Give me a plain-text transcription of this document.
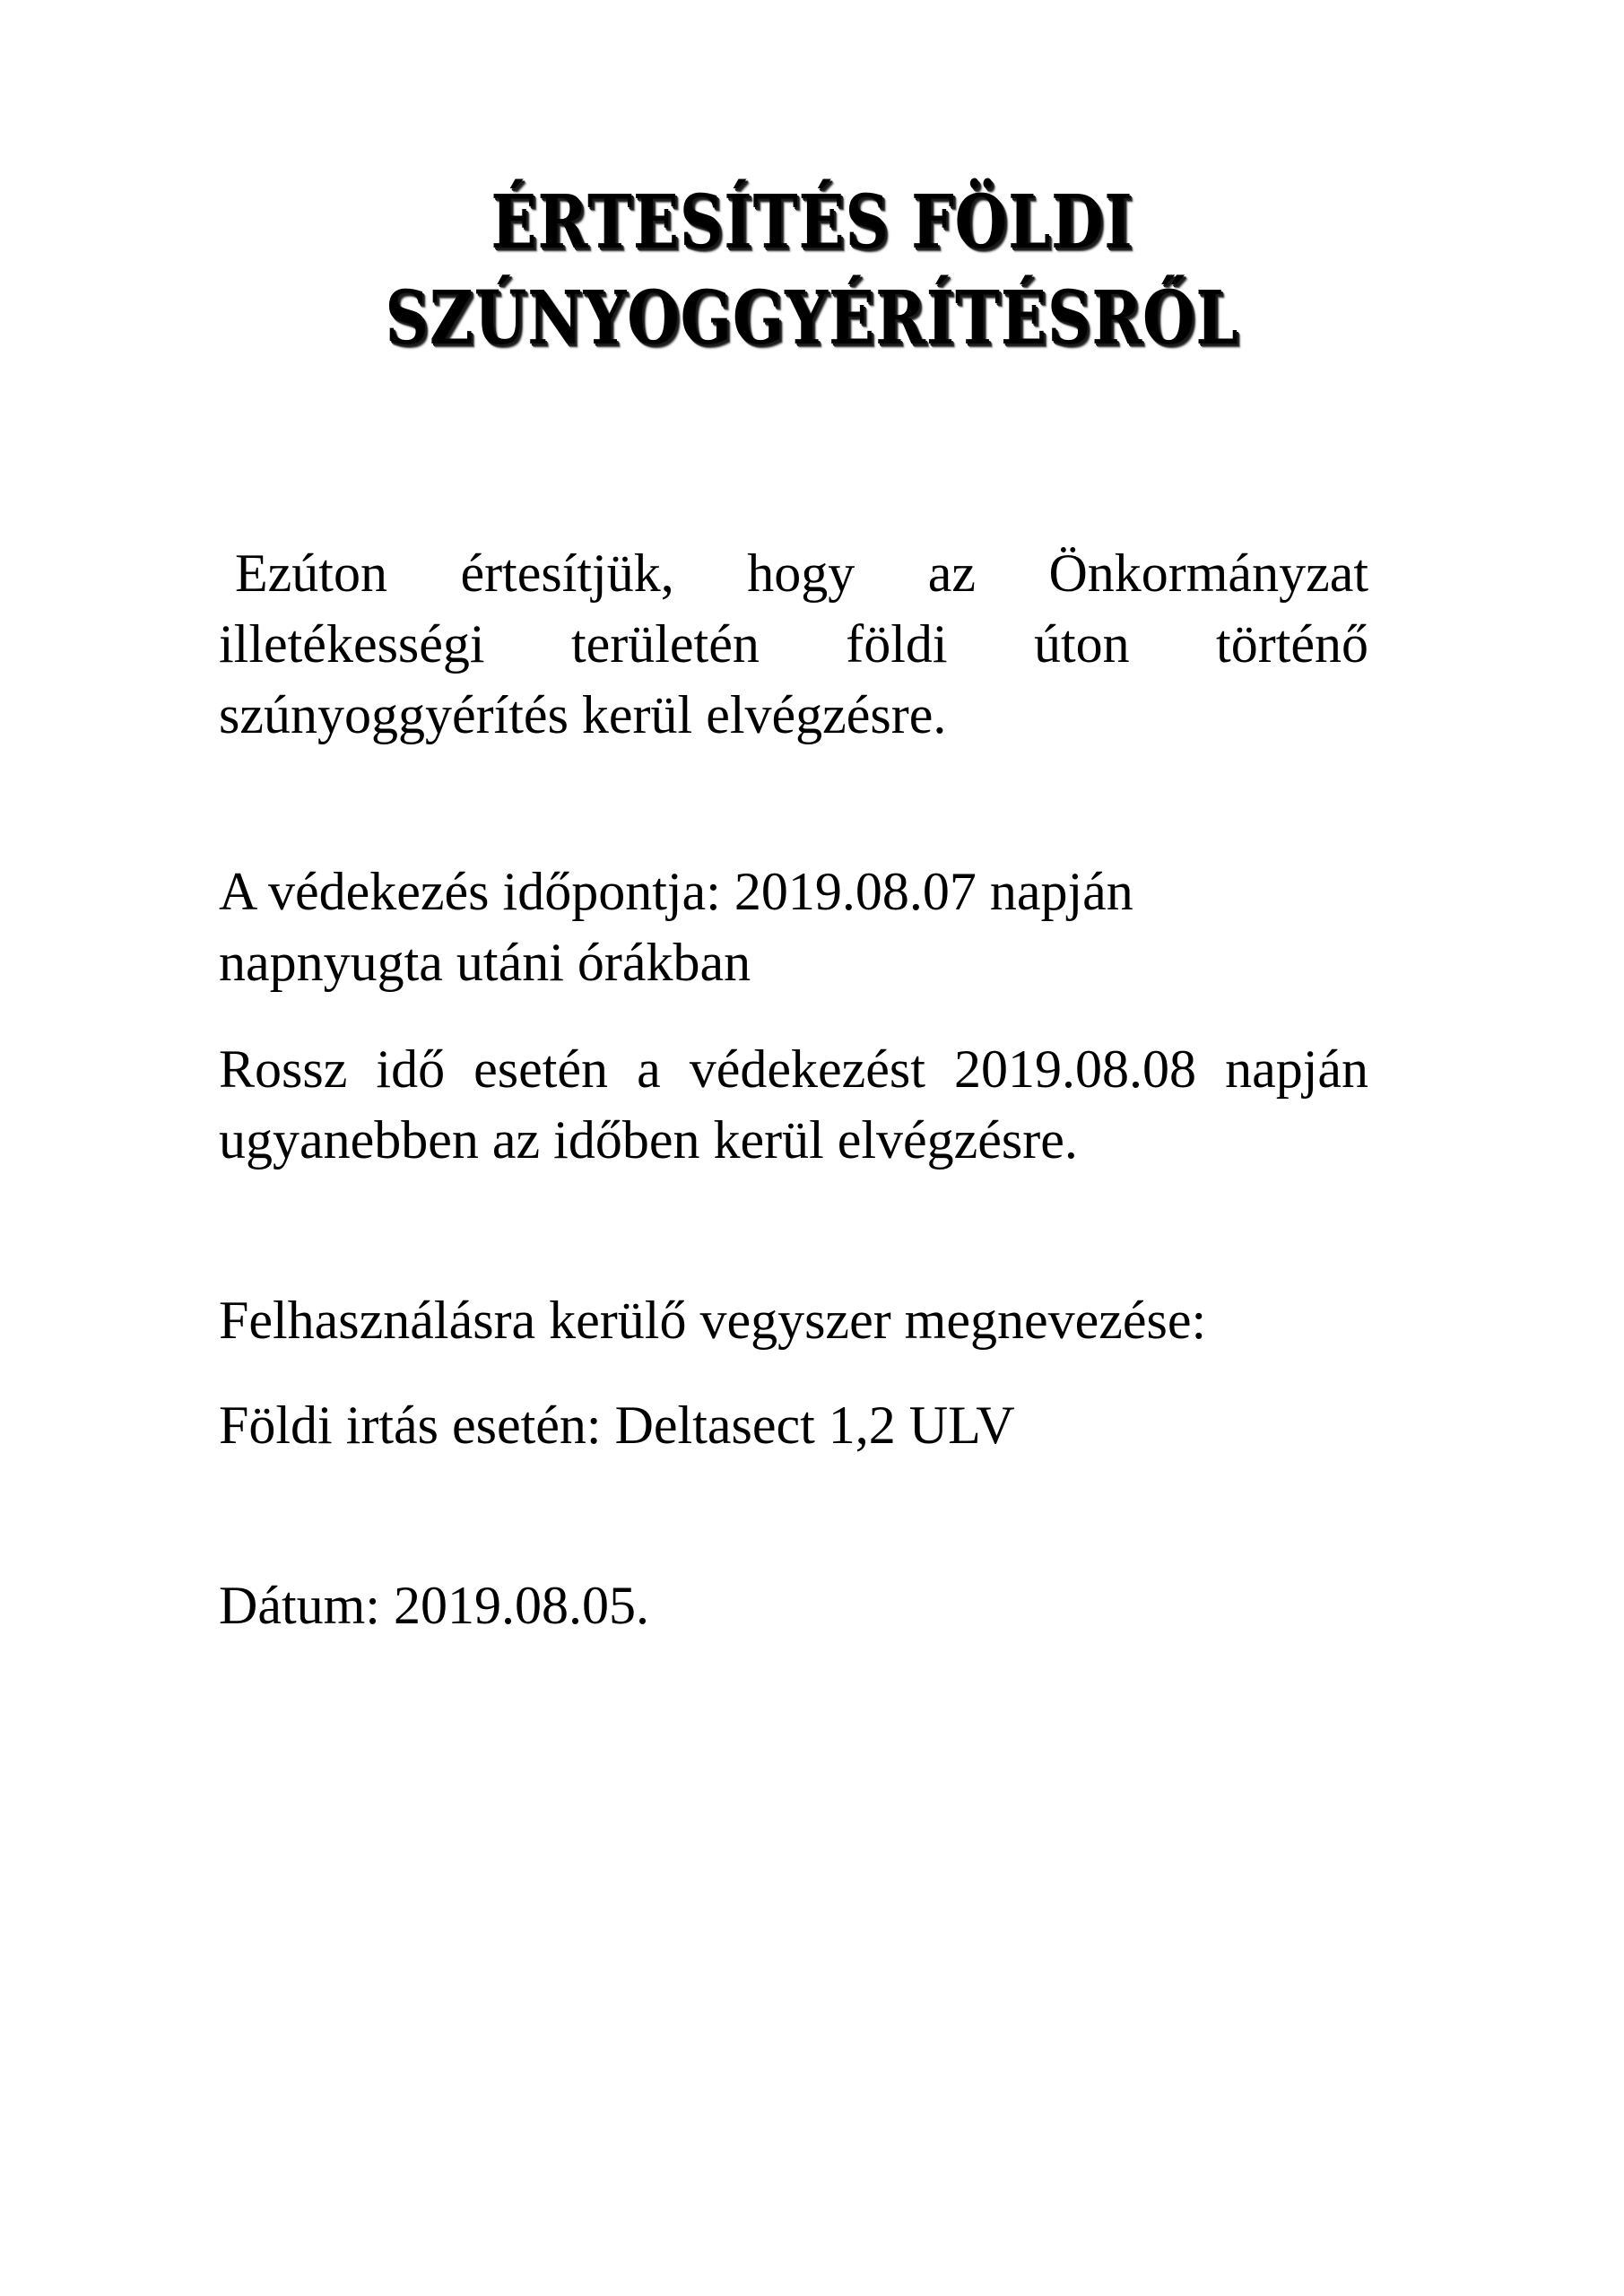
ÉRTESÍTÉS FÖLDI
SZÚNYOGGYÉRÍTÉSRŐL

Ezúton értesítjük, hogy az Önkormányzat illetékességi területén földi úton történő szúnyoggyérítés kerül elvégzésre.

A védekezés időpontja: 2019.08.07 napján napnyugta utáni órákban

Rossz idő esetén a védekezést 2019.08.08 napján ugyanebben az időben kerül elvégzésre.

Felhasználásra kerülő vegyszer megnevezése:

Földi irtás esetén: Deltasect 1,2 ULV

Dátum: 2019.08.05.
